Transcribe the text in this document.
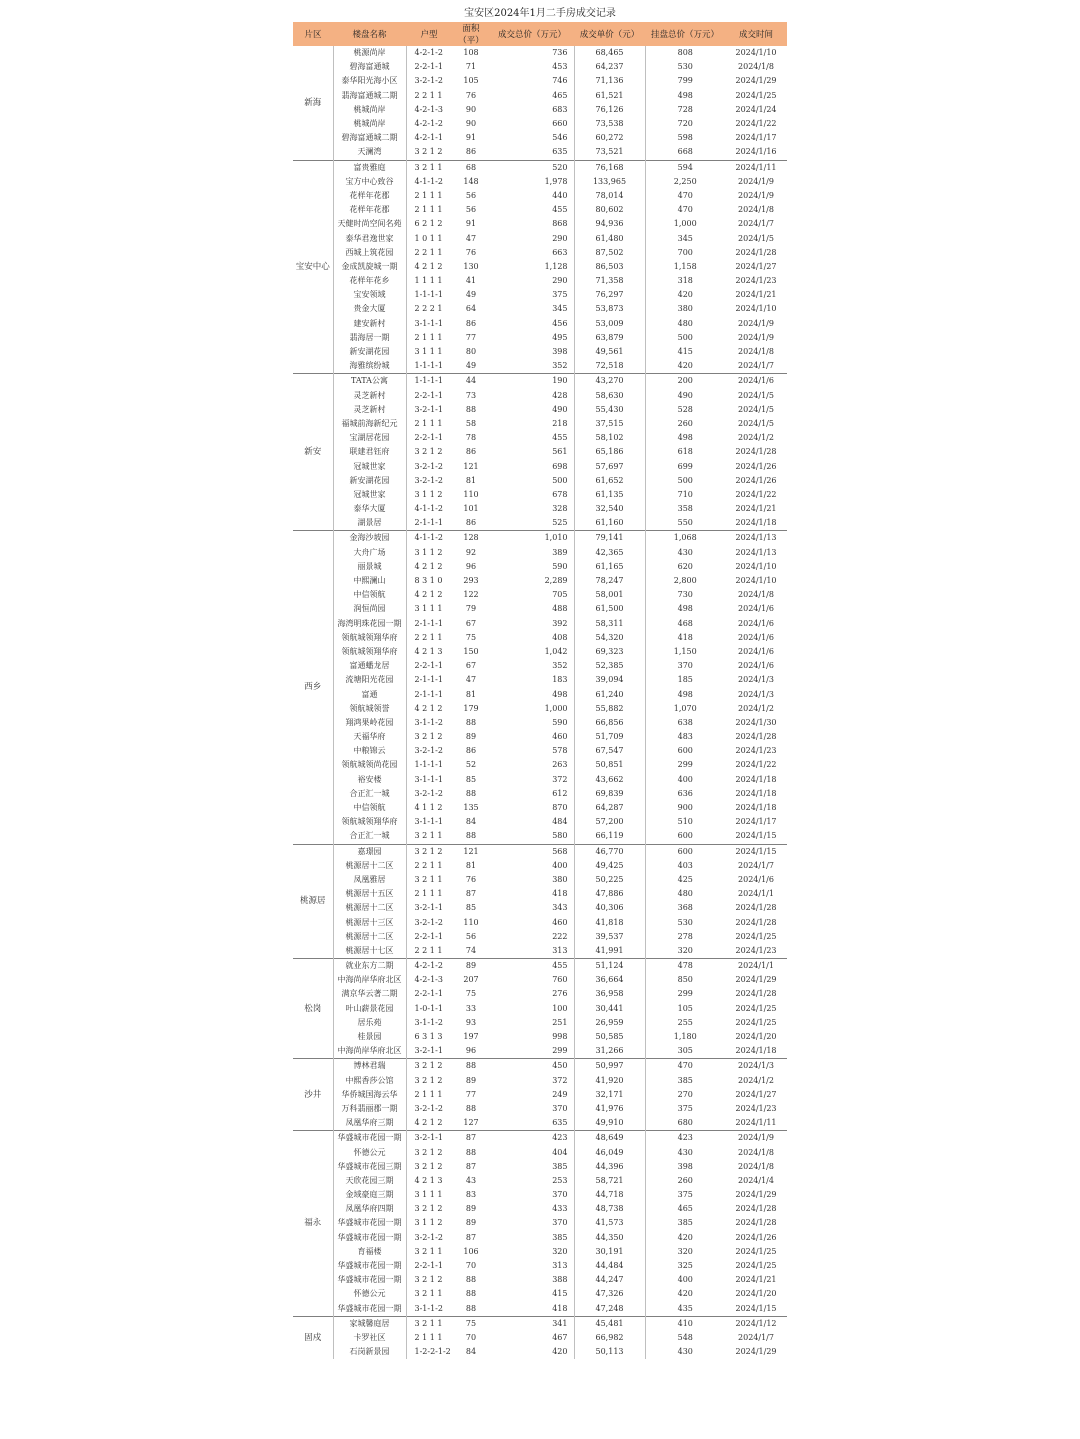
宝安区2024年1月二手房成交记录
片区	楼盘名称	户型	面积（平）	成交总价（万元）	成交单价（元）	挂盘总价（万元）	成交时间
新海	桃源尚岸	4-2-1-2	108	736	68,465	808	2024/1/10
	碧海富通城	2-2-1-1	71	453	64,237	530	2024/1/8
	泰华阳光海小区	3-2-1-2	105	746	71,136	799	2024/1/29
	翡海富通城二期	2 2 1 1	76	465	61,521	498	2024/1/25
	桃城尚岸	4-2-1-3	90	683	76,126	728	2024/1/24
	桃城尚岸	4-2-1-2	90	660	73,538	720	2024/1/22
	碧海富通城二期	4-2-1-1	91	546	60,272	598	2024/1/17
	天澜湾	3 2 1 2	86	635	73,521	668	2024/1/16
宝安中心	富贵雅庭	3 2 1 1	68	520	76,168	594	2024/1/11
	宝方中心致谷	4-1-1-2	148	1,978	133,965	2,250	2024/1/9
	花样年花郡	2 1 1 1	56	440	78,014	470	2024/1/9
	花样年花郡	2 1 1 1	56	455	80,602	470	2024/1/8
	天健时尚空间名苑	6 2 1 2	91	868	94,936	1,000	2024/1/7
	泰华君逸世家	1 0 1 1	47	290	61,480	345	2024/1/5
	西城上筑花园	2 2 1 1	76	663	87,502	700	2024/1/28
	金成凯旋城一期	4 2 1 2	130	1,128	86,503	1,158	2024/1/27
	花样年花乡	1 1 1 1	41	290	71,358	318	2024/1/23
	宝安领域	1-1-1-1	49	375	76,297	420	2024/1/21
	贵金大厦	2 2 2 1	64	345	53,873	380	2024/1/10
	建安新村	3-1-1-1	86	456	53,009	480	2024/1/9
	翡海居一期	2 1 1 1	77	495	63,879	500	2024/1/9
	新安湖花园	3 1 1 1	80	398	49,561	415	2024/1/8
	海雅缤纷城	1-1-1-1	49	352	72,518	420	2024/1/7
新安	TATA公寓	1-1-1-1	44	190	43,270	200	2024/1/6
	灵芝新村	2-2-1-1	73	428	58,630	490	2024/1/5
	灵芝新村	3-2-1-1	88	490	55,430	528	2024/1/5
	福城前海新纪元	2 1 1 1	58	218	37,515	260	2024/1/5
	宝湖居花园	2-2-1-1	78	455	58,102	498	2024/1/2
	联建君钰府	3 2 1 2	86	561	65,186	618	2024/1/28
	冠城世家	3-2-1-2	121	698	57,697	699	2024/1/26
	新安湖花园	3-2-1-2	81	500	61,652	500	2024/1/26
	冠城世家	3 1 1 2	110	678	61,135	710	2024/1/22
	泰华大厦	4-1-1-2	101	328	32,540	358	2024/1/21
	湖景居	2-1-1-1	86	525	61,160	550	2024/1/18
西乡	金海沙坡园	4-1-1-2	128	1,010	79,141	1,068	2024/1/13
	大舟广场	3 1 1 2	92	389	42,365	430	2024/1/13
	丽景城	4 2 1 2	96	590	61,165	620	2024/1/10
	中熙澜山	8 3 1 0	293	2,289	78,247	2,800	2024/1/10
	中信领航	4 2 1 2	122	705	58,001	730	2024/1/8
	润恒尚园	3 1 1 1	79	488	61,500	498	2024/1/6
	海湾明珠花园一期	2-1-1-1	67	392	58,311	468	2024/1/6
	领航城领翔华府	2 2 1 1	75	408	54,320	418	2024/1/6
	领航城领翔华府	4 2 1 3	150	1,042	69,323	1,150	2024/1/6
	富通蟠龙居	2-2-1-1	67	352	52,385	370	2024/1/6
	流塘阳光花园	2-1-1-1	47	183	39,094	185	2024/1/3
	富通	2-1-1-1	81	498	61,240	498	2024/1/3
	领航城领誉	4 2 1 2	179	1,000	55,882	1,070	2024/1/2
	翔鸿果岭花园	3-1-1-2	88	590	66,856	638	2024/1/30
	天福华府	3 2 1 2	89	460	51,709	483	2024/1/28
	中粮锦云	3-2-1-2	86	578	67,547	600	2024/1/23
	领航城领尚花园	1-1-1-1	52	263	50,851	299	2024/1/22
	裕安楼	3-1-1-1	85	372	43,662	400	2024/1/18
	合正汇一城	3-2-1-2	88	612	69,839	636	2024/1/18
	中信领航	4 1 1 2	135	870	64,287	900	2024/1/18
	领航城领翔华府	3-1-1-1	84	484	57,200	510	2024/1/17
	合正汇一城	3 2 1 1	88	580	66,119	600	2024/1/15
桃源居	嘉璟园	3 2 1 2	121	568	46,770	600	2024/1/15
	桃源居十二区	2 2 1 1	81	400	49,425	403	2024/1/7
	凤凰雅居	3 2 1 1	76	380	50,225	425	2024/1/6
	桃源居十五区	2 1 1 1	87	418	47,886	480	2024/1/1
	桃源居十二区	3-2-1-1	85	343	40,306	368	2024/1/28
	桃源居十三区	3-2-1-2	110	460	41,818	530	2024/1/28
	桃源居十二区	2-2-1-1	56	222	39,537	278	2024/1/25
	桃源居十七区	2 2 1 1	74	313	41,991	320	2024/1/23
松岗	就业东方二期	4-2-1-2	89	455	51,124	478	2024/1/1
	中海尚岸华府北区	4-2-1-3	207	760	36,664	850	2024/1/29
	满京华云著二期	2-2-1-1	75	276	36,958	299	2024/1/28
	叶山薪景花园	1-0-1-1	33	100	30,441	105	2024/1/25
	居乐苑	3-1-1-2	93	251	26,959	255	2024/1/25
	桂景园	6 3 1 3	197	998	50,585	1,180	2024/1/20
	中海尚岸华府北区	3-2-1-1	96	299	31,266	305	2024/1/18
沙井	博林君瑞	3 2 1 2	88	450	50,997	470	2024/1/3
	中熙香莎公馆	3 2 1 2	89	372	41,920	385	2024/1/2
	华侨城国海云华	2 1 1 1	77	249	32,171	270	2024/1/27
	万科翡丽郡一期	3-2-1-2	88	370	41,976	375	2024/1/23
	凤凰华府三期	4 2 1 2	127	635	49,910	680	2024/1/11
福永	华盛城市花园一期	3-2-1-1	87	423	48,649	423	2024/1/9
	怀德公元	3 2 1 2	88	404	46,049	430	2024/1/8
	华盛城市花园三期	3 2 1 2	87	385	44,396	398	2024/1/8
	天欣花园三期	4 2 1 3	43	253	58,721	260	2024/1/4
	金域豪庭三期	3 1 1 1	83	370	44,718	375	2024/1/29
	凤凰华府四期	3 2 1 2	89	433	48,738	465	2024/1/28
	华盛城市花园一期	3 1 1 2	89	370	41,573	385	2024/1/28
	华盛城市花园一期	3-2-1-2	87	385	44,350	420	2024/1/26
	育福楼	3 2 1 1	106	320	30,191	320	2024/1/25
	华盛城市花园一期	2-2-1-1	70	313	44,484	325	2024/1/25
	华盛城市花园一期	3 2 1 2	88	388	44,247	400	2024/1/21
	怀德公元	3 2 1 1	88	415	47,326	420	2024/1/20
	华盛城市花园一期	3-1-1-2	88	418	47,248	435	2024/1/15
固戍	家城馨庭居	3 2 1 1	75	341	45,481	410	2024/1/12
	卡罗社区	2 1 1 1	70	467	66,982	548	2024/1/7
	石岗新景园	1-2-2-1-2	84	420	50,113	430	2024/1/29
